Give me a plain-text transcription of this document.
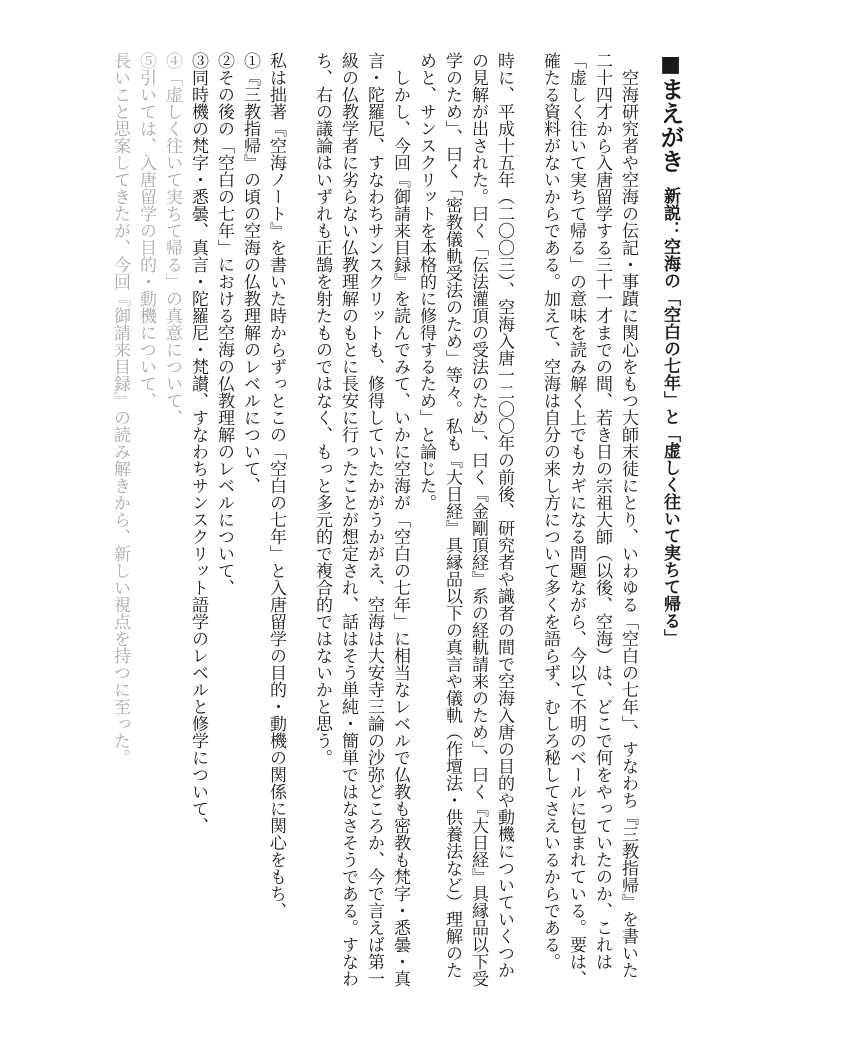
■まえがき新説：空海の「空白の七年」と「虚しく往いて実ちて帰る」

空海研究者や空海の伝記・事蹟に関心をもつ大師末徒にとり、いわゆる「空白の七年」、すなわち『三教指帰』を書いた二十四才から入唐留学する三十一才までの間、若き日の宗祖大師（以後、空海）は、どこで何をやっていたのか、これは「虚しく往いて実ちて帰る」の意味を読み解く上でもカギになる問題ながら、今以て不明のベールに包まれている。要は、確たる資料がないからである。加えて、空海は自分の来し方について多くを語らず、むしろ秘してさえいるからである。

時に、平成十五年（二〇〇三）、空海入唐一二〇〇年の前後、研究者や識者の間で空海入唐の目的や動機についていくつかの見解が出された。曰く「伝法灌頂の受法のため」、曰く『金剛頂経』系の経軌請来のため」、曰く『大日経』具縁品以下受学のため」、曰く「密教儀軌受法のため」等々。私も『大日経』具縁品以下の真言や儀軌（作壇法・供養法など）理解のためと、サンスクリットを本格的に修得するため」と論じた。

しかし、今回『御請来目録』を読んでみて、いかに空海が「空白の七年」に相当なレベルで仏教も密教も梵字・悉曇・真言・陀羅尼、すなわちサンスクリットも、修得していたかがうかがえ、空海は大安寺三論の沙弥どころか、今で言えば第一級の仏教学者に劣らない仏教理解のもとに長安に行ったことが想定され、話はそう単純・簡単ではなさそうである。すなわち、右の議論はいずれも正鵠を射たものではなく、もっと多元的で複合的ではないかと思う。

私は拙著『空海ノート』を書いた時からずっとこの「空白の七年」と入唐留学の目的・動機の関係に関心をもち、

①『三教指帰』の頃の空海の仏教理解のレベルについて、

②その後の「空白の七年」における空海の仏教理解のレベルについて、

③同時機の梵字・悉曇、真言・陀羅尼・梵讃、すなわちサンスクリット語学のレベルと修学について、

④「虚しく往いて実ちて帰る」の真意について、

⑤引いては、入唐留学の目的・動機について、

長いこと思案してきたが、今回『御請来目録』の読み解きから、新しい視点を持つに至った。
